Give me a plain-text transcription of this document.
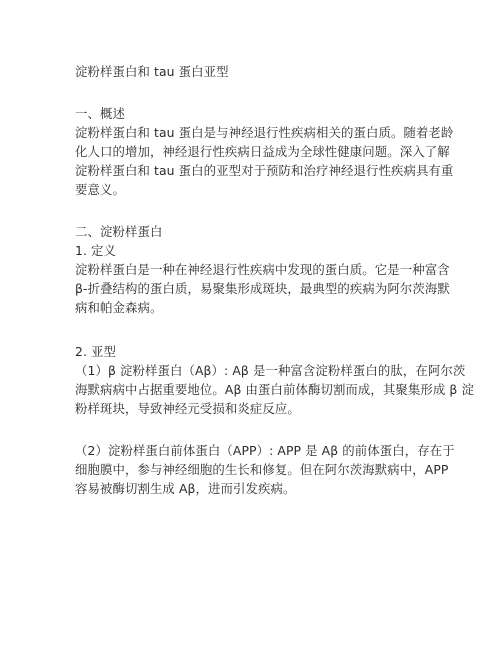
淀粉样蛋白和 tau 蛋白亚型
一、概述
淀粉样蛋白和 tau 蛋白是与神经退行性疾病相关的蛋白质。随着老龄
化人口的增加，神经退行性疾病日益成为全球性健康问题。深入了解
淀粉样蛋白和 tau 蛋白的亚型对于预防和治疗神经退行性疾病具有重
要意义。
二、淀粉样蛋白
1. 定义
淀粉样蛋白是一种在神经退行性疾病中发现的蛋白质。它是一种富含
β-折叠结构的蛋白质，易聚集形成斑块，最典型的疾病为阿尔茨海默
病和帕金森病。
2. 亚型
（1）β 淀粉样蛋白（Aβ）: Aβ 是一种富含淀粉样蛋白的肽，在阿尔茨
海默病病中占据重要地位。Aβ 由蛋白前体酶切割而成，其聚集形成 β 淀
粉样斑块，导致神经元受损和炎症反应。
（2）淀粉样蛋白前体蛋白（APP）: APP 是 Aβ 的前体蛋白，存在于
细胞膜中，参与神经细胞的生长和修复。但在阿尔茨海默病中，APP
容易被酶切割生成 Aβ，进而引发疾病。
